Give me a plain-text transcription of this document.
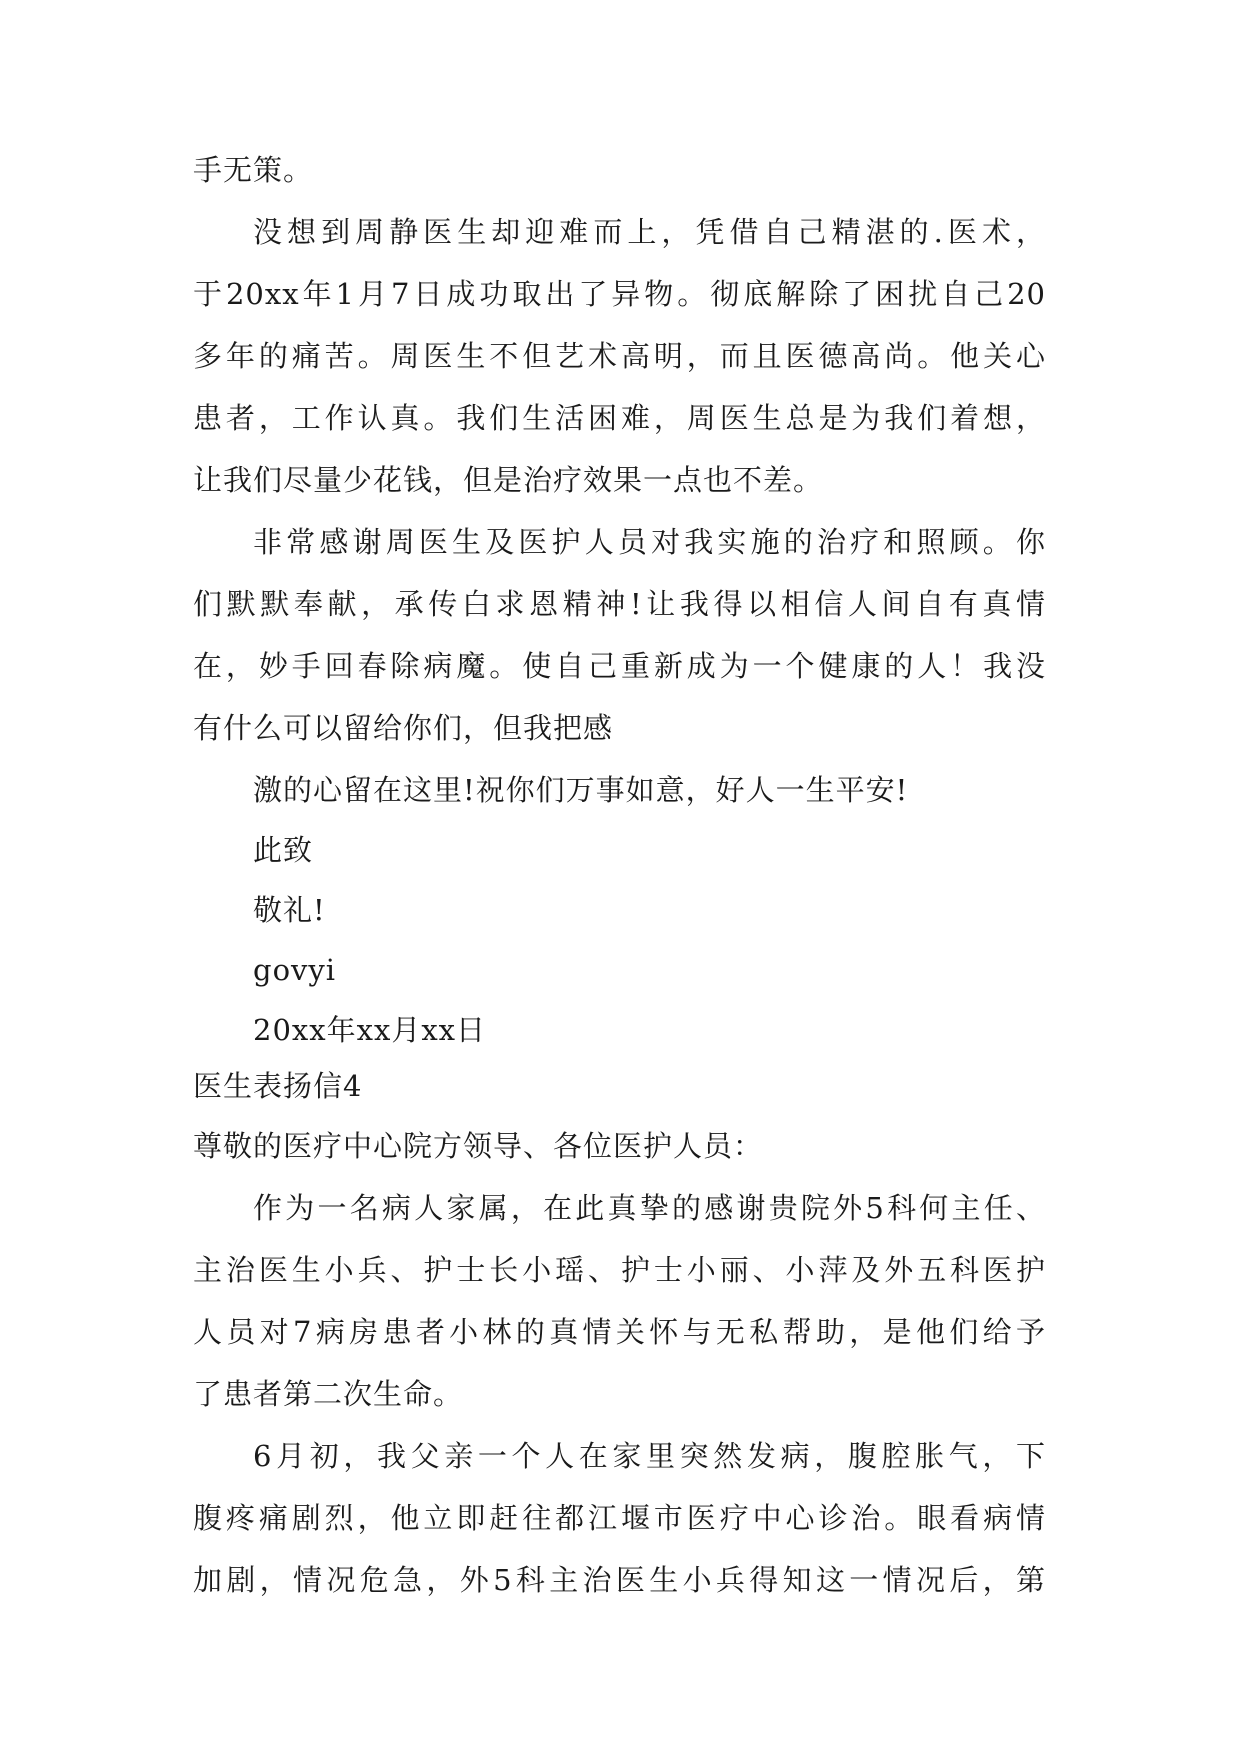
手无策。
没想到周静医生却迎难而上，凭借自己精湛的.医术，
于20xx年1月7日成功取出了异物。彻底解除了困扰自己20
多年的痛苦。周医生不但艺术高明，而且医德高尚。他关心
患者，工作认真。我们生活困难，周医生总是为我们着想，
让我们尽量少花钱，但是治疗效果一点也不差。
非常感谢周医生及医护人员对我实施的治疗和照顾。你
们默默奉献，承传白求恩精神!让我得以相信人间自有真情
在，妙手回春除病魔。使自己重新成为一个健康的人！我没
有什么可以留给你们，但我把感
激的心留在这里!祝你们万事如意，好人一生平安!
此致
敬礼!
govyi
20xx年xx月xx日
医生表扬信4
尊敬的医疗中心院方领导、各位医护人员：
作为一名病人家属，在此真挚的感谢贵院外5科何主任、
主治医生小兵、护士长小瑶、护士小丽、小萍及外五科医护
人员对7病房患者小林的真情关怀与无私帮助，是他们给予
了患者第二次生命。
6月初，我父亲一个人在家里突然发病，腹腔胀气，下
腹疼痛剧烈，他立即赶往都江堰市医疗中心诊治。眼看病情
加剧，情况危急，外5科主治医生小兵得知这一情况后，第
